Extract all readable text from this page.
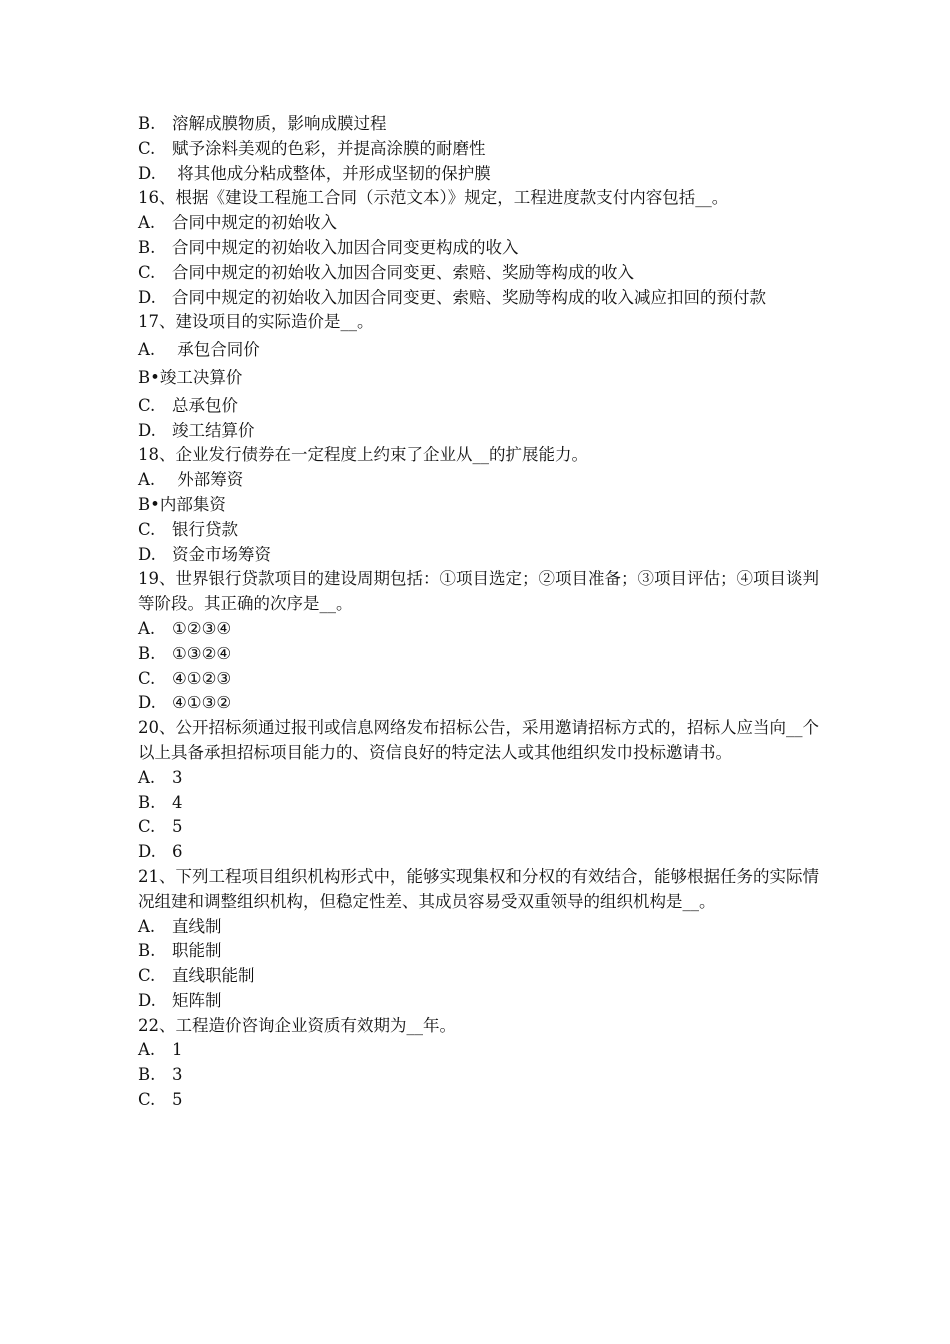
B. 溶解成膜物质，影响成膜过程
C. 赋予涂料美观的色彩，并提高涂膜的耐磨性
D. 将其他成分粘成整体，并形成坚韧的保护膜
16、根据《建设工程施工合同（示范文本）》规定，工程进度款支付内容包括__。
A. 合同中规定的初始收入
B. 合同中规定的初始收入加因合同变更构成的收入
C. 合同中规定的初始收入加因合同变更、索赔、奖励等构成的收入
D. 合同中规定的初始收入加因合同变更、索赔、奖励等构成的收入减应扣回的预付款
17、建设项目的实际造价是__。
A. 承包合同价
B•竣工决算价
C. 总承包价
D. 竣工结算价
18、企业发行债券在一定程度上约束了企业从__的扩展能力。
A. 外部筹资
B•内部集资
C. 银行贷款
D. 资金市场筹资
19、世界银行贷款项目的建设周期包括：①项目选定；②项目准备；③项目评估；④项目谈判等阶段。其正确的次序是__。
A. ①②③④
B. ①③②④
C. ④①②③
D. ④①③②
20、公开招标须通过报刊或信息网络发布招标公告，采用邀请招标方式的，招标人应当向__个以上具备承担招标项目能力的、资信良好的特定法人或其他组织发巾投标邀请书。
A. 3
B. 4
C. 5
D. 6
21、下列工程项目组织机构形式中，能够实现集权和分权的有效结合，能够根据任务的实际情况组建和调整组织机构，但稳定性差、其成员容易受双重领导的组织机构是__。
A. 直线制
B. 职能制
C. 直线职能制
D. 矩阵制
22、工程造价咨询企业资质有效期为__年。
A. 1
B. 3
C. 5
